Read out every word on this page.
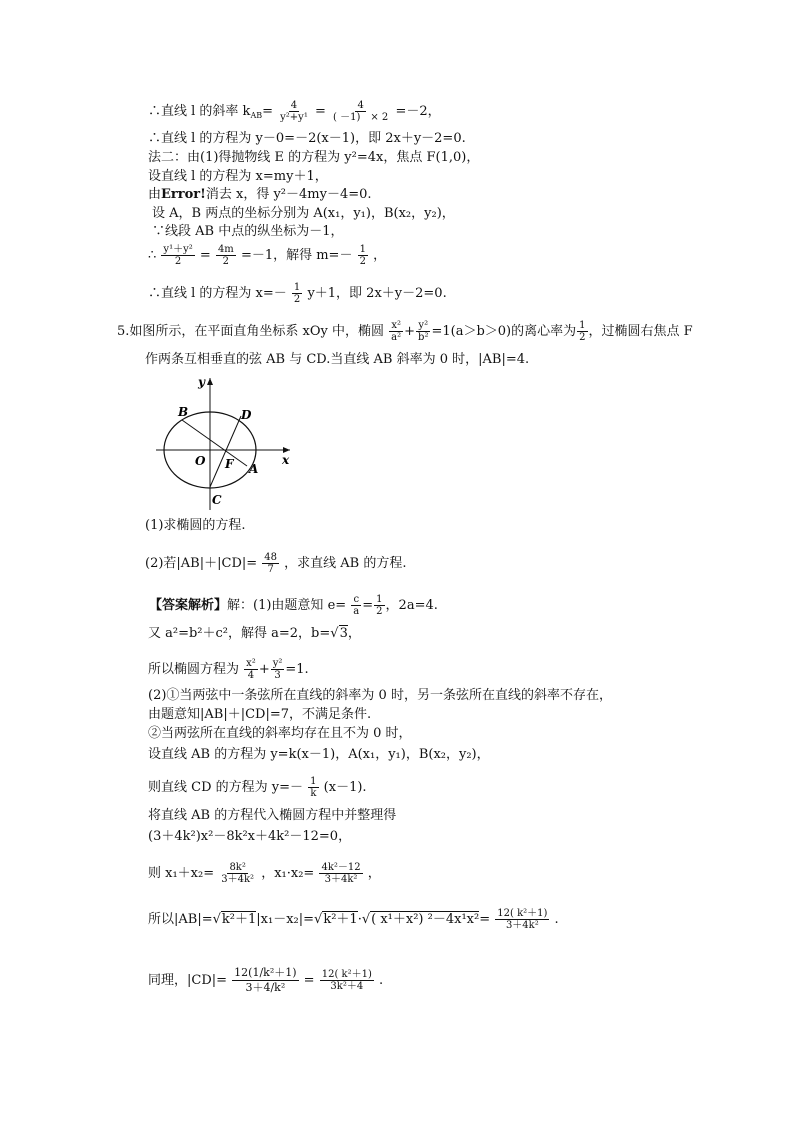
∴直线 l 的斜率 $k_{AB}= \frac{4}{\text{y²+y¹}} = \frac{4}{( -1) \times 2} =-2$，
∴直线 l 的方程为 y－0=－2(x－1)，即 2x＋y－2=0.
法二：由(1)得抛物线 E 的方程为 y²=4x，焦点 F(1,0)，
设直线 l 的方程为 x=my＋1，
由Error!消去 x，得 y²－4my－4=0.
设 A，B 两点的坐标分别为 A(x₁，y₁)，B(x₂，y₂)，
∵线段 AB 中点的纵坐标为－1，
∴ $\frac{\text{y¹＋y²}}{2} = \frac{4m}{2} =-1$，解得 $m=- \frac{1}{2}$ ，
∴直线 l 的方程为 $x=- \frac{1}{2} y+1$，即 2x＋y－2=0.
5.如图所示，在平面直角坐标系 xOy 中，椭圆 $\frac{\text{x²}}{\text{a²}} + \frac{\text{y²}}{\text{b²}} =1(a>b>0)$的离心率为 $\frac{1}{2}$ ，过椭圆右焦点 F
作两条互相垂直的弦 AB 与 CD.当直线 AB 斜率为 0 时，|AB|=4.
y
x
O F A
B
C
D
(1)求椭圆的方程.
(2)若$|AB|+|CD|= \frac{48}{7}$ ，求直线 AB 的方程.
【答案解析】解：(1)由题意知 $e= \frac{c}{a} = \frac{1}{2}$ ，2a=4.
又 a²=b²＋c²，解得 a=2，b=√3，
所以椭圆方程为 $\frac{\text{x²}}{4} + \frac{\text{y²}}{3} =1$.
(2)①当两弦中一条弦所在直线的斜率为 0 时，另一条弦所在直线的斜率不存在，
由题意知|AB|＋|CD|=7，不满足条件.
②当两弦所在直线的斜率均存在且不为 0 时，
设直线 AB 的方程为 y=k(x－1)，A(x₁，y₁)，B(x₂，y₂)，
则直线 CD 的方程为 $y=- \frac{1}{k} (x-1)$.
将直线 AB 的方程代入椭圆方程中并整理得
(3＋4k²)x²－8k²x＋4k²－12=0，
则 $x_1+x_2= \frac{\text{8k²}}{\text{3＋4k²}}$ ，$x_1\cdot x_2= \frac{\text{4k²－12}}{\text{3＋4k²}}$ ，
所以|AB|=√k²＋1|x₁－x₂|=√k²＋1·√( x¹＋x²) $^2-4x^1x^2= \frac{\text{12( k²＋1)}}{\text{3＋4k²}}$ .
同理，$|CD|= \frac{\text{12(1/k²＋1)}}{\text{3＋4/k²}} = \frac{\text{12( k²＋1)}}{\text{3k²＋4}}$ .
